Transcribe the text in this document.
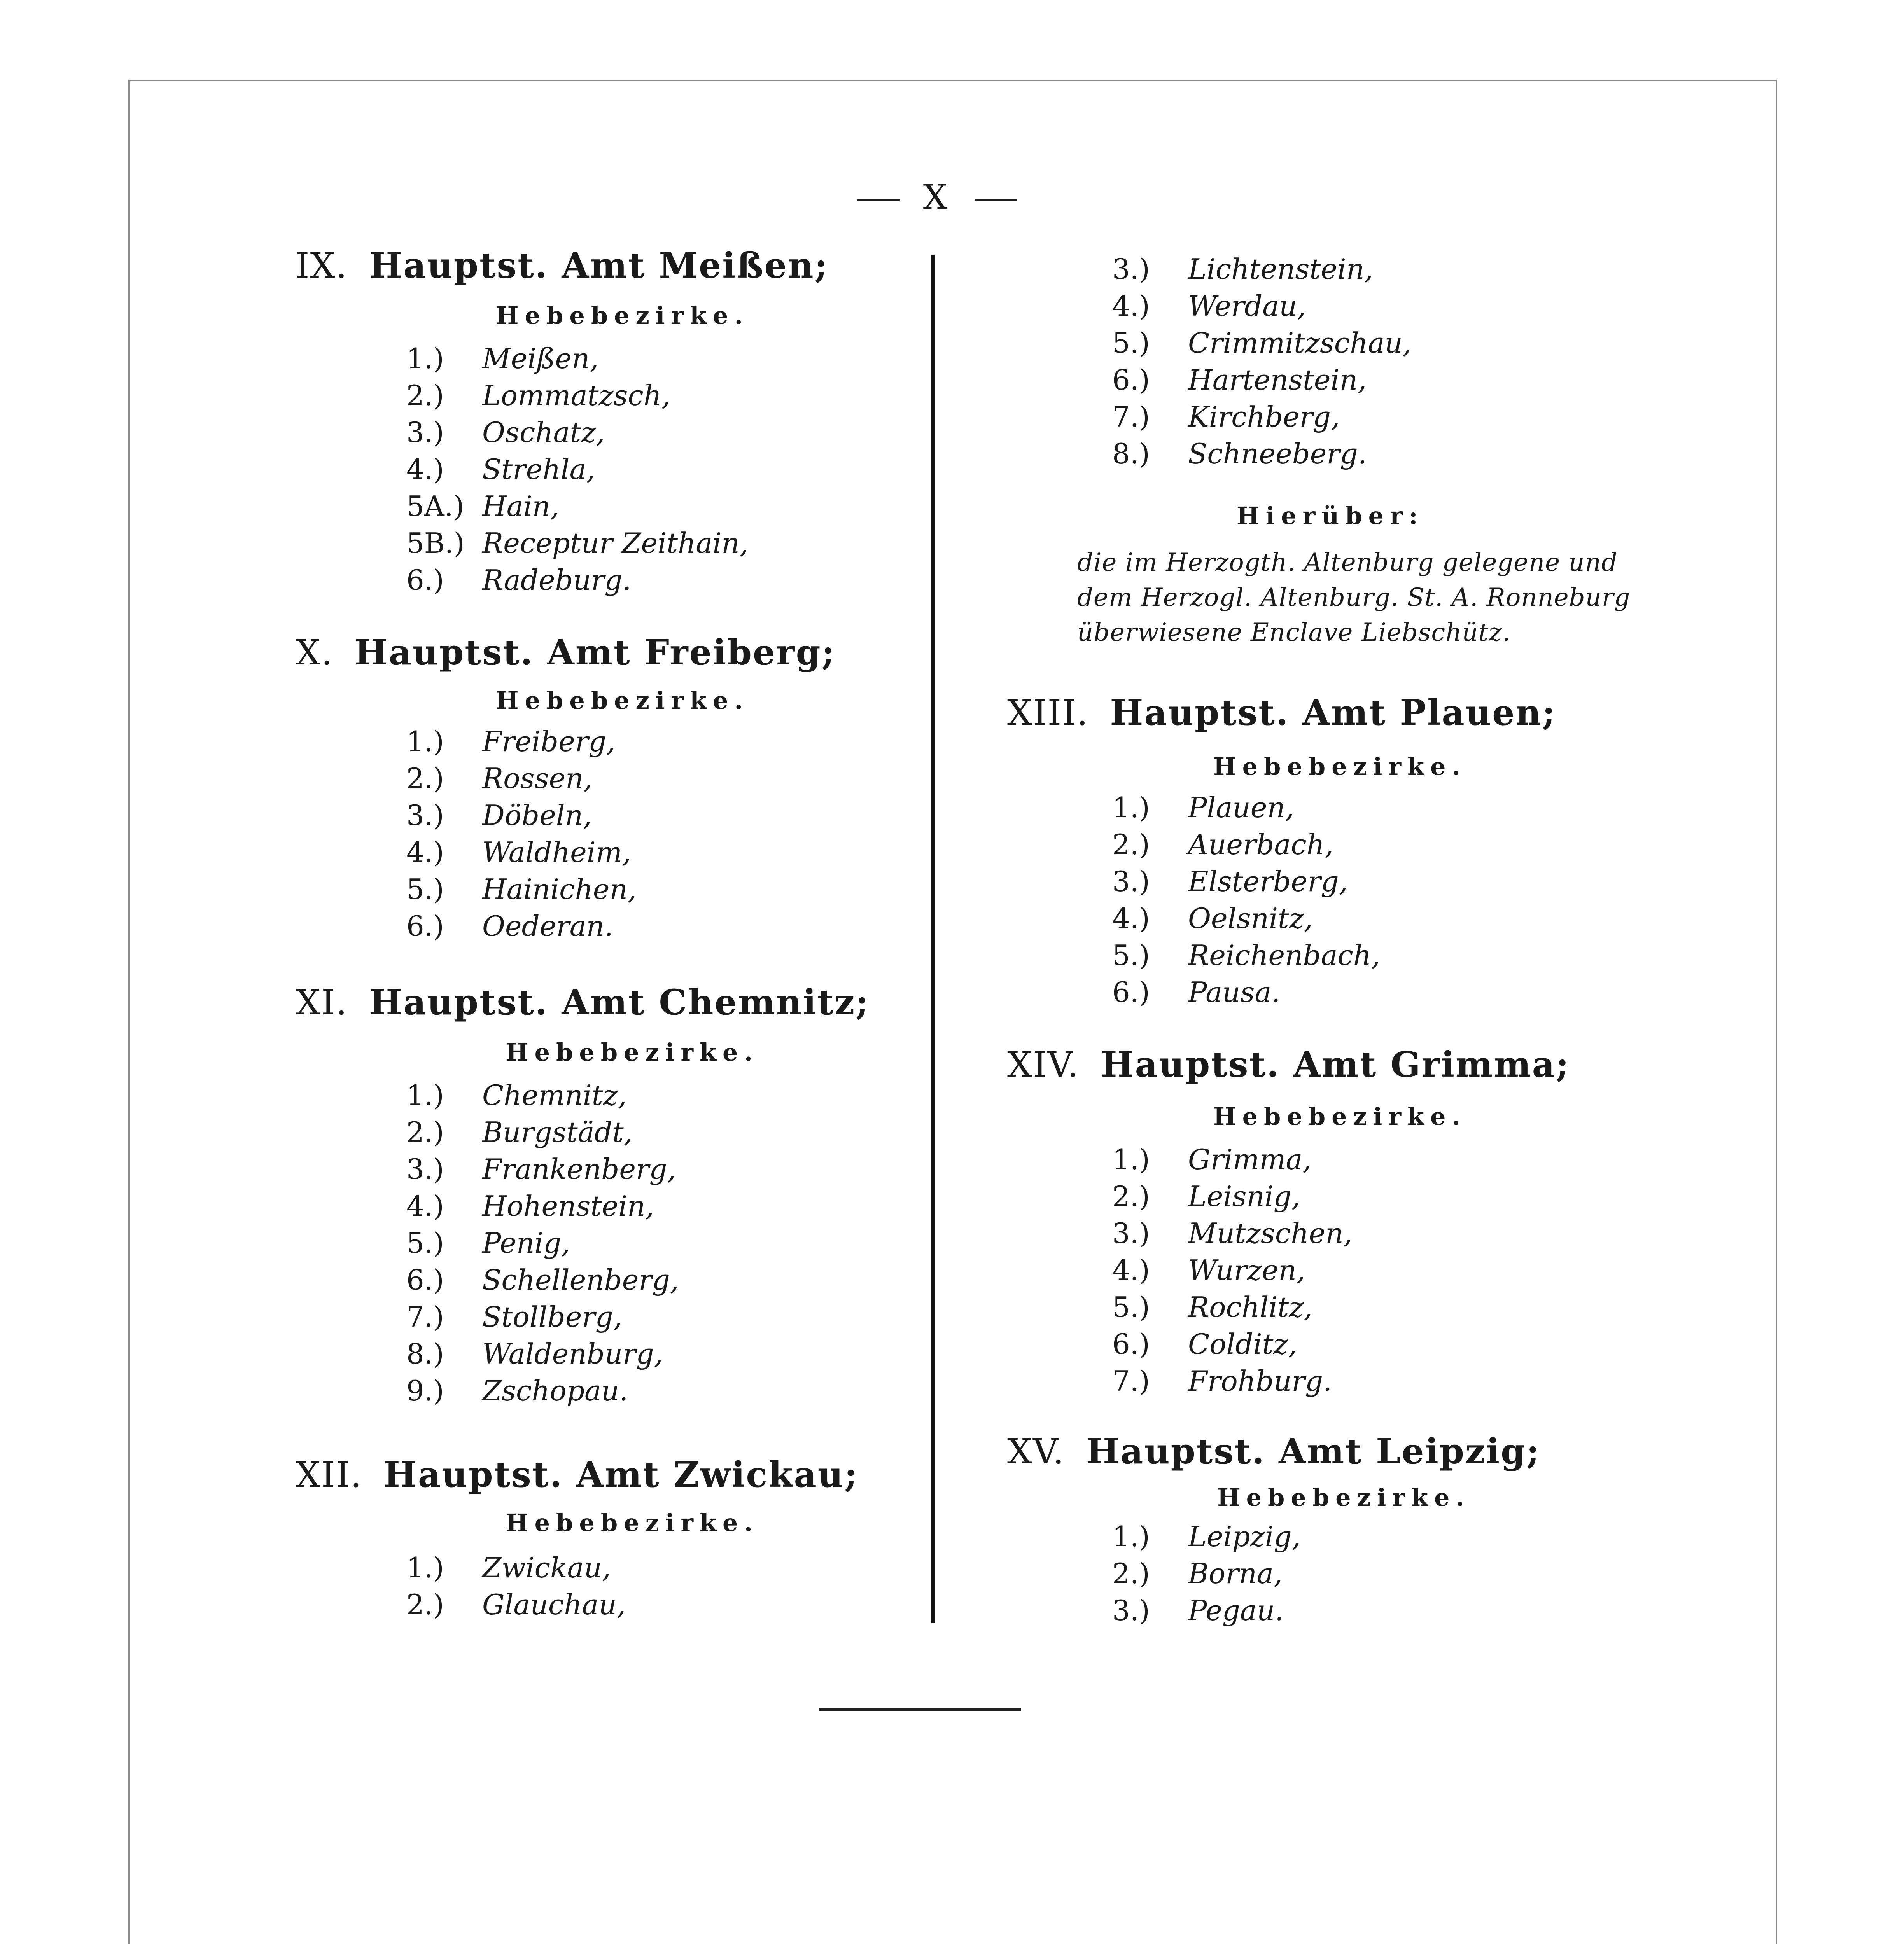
X
IX. Hauptst. Amt Meißen;
Hebebezirke.
1.) Meißen,
2.) Lommatzsch,
3.) Oschatz,
4.) Strehla,
5A.) Hain,
5B.) Receptur Zeithain,
6.) Radeburg.
X. Hauptst. Amt Freiberg;
Hebebezirke.
1.) Freiberg,
2.) Rossen,
3.) Döbeln,
4.) Waldheim,
5.) Hainichen,
6.) Oederan.
XI. Hauptst. Amt Chemnitz;
Hebebezirke.
1.) Chemnitz,
2.) Burgstädt,
3.) Frankenberg,
4.) Hohenstein,
5.) Penig,
6.) Schellenberg,
7.) Stollberg,
8.) Waldenburg,
9.) Zschopau.
XII. Hauptst. Amt Zwickau;
Hebebezirke.
1.) Zwickau,
2.) Glauchau,
3.) Lichtenstein,
4.) Werdau,
5.) Crimmitzschau,
6.) Hartenstein,
7.) Kirchberg,
8.) Schneeberg.
Hierüber:
die im Herzogth. Altenburg gelegene und
dem Herzogl. Altenburg. St. A. Ronneburg
überwiesene Enclave Liebschütz.
XIII. Hauptst. Amt Plauen;
Hebebezirke.
1.) Plauen,
2.) Auerbach,
3.) Elsterberg,
4.) Oelsnitz,
5.) Reichenbach,
6.) Pausa.
XIV. Hauptst. Amt Grimma;
Hebebezirke.
1.) Grimma,
2.) Leisnig,
3.) Mutzschen,
4.) Wurzen,
5.) Rochlitz,
6.) Colditz,
7.) Frohburg.
XV. Hauptst. Amt Leipzig;
Hebebezirke.
1.) Leipzig,
2.) Borna,
3.) Pegau.
